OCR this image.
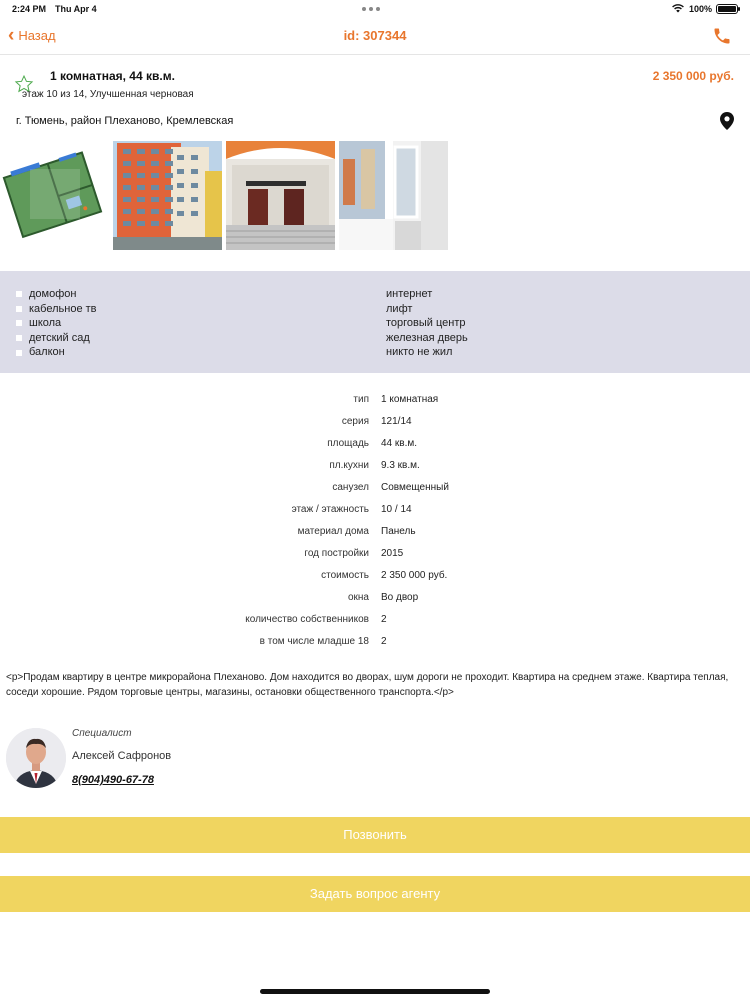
2:24 PM Thu Apr 4	100%
‹ Назад	id: 307344
1 комнатная, 44 кв.м.
этаж 10 из 14, Улучшенная черновая
2 350 000 руб.
г. Тюмень, район Плеханово, Кремлевская
домофон
кабельное тв
школа
детский сад
балкон
интернет
лифт
торговый центр
железная дверь
никто не жил
тип 1 комнатная
серия 121/14
площадь 44 кв.м.
пл.кухни 9.3 кв.м.
санузел Совмещенный
этаж / этажность 10 / 14
материал дома Панель
год постройки 2015
стоимость 2 350 000 руб.
окна Во двор
количество собственников 2
в том числе младше 18 2
<p>Продам квартиру в центре микрорайона Плеханово. Дом находится во дворах, шум дороги не проходит. Квартира на среднем этаже. Квартира теплая, соседи хорошие. Рядом торговые центры, магазины, остановки общественного транспорта.</p>
Специалист
Алексей Сафронов
8(904)490-67-78
Позвонить
Задать вопрос агенту
